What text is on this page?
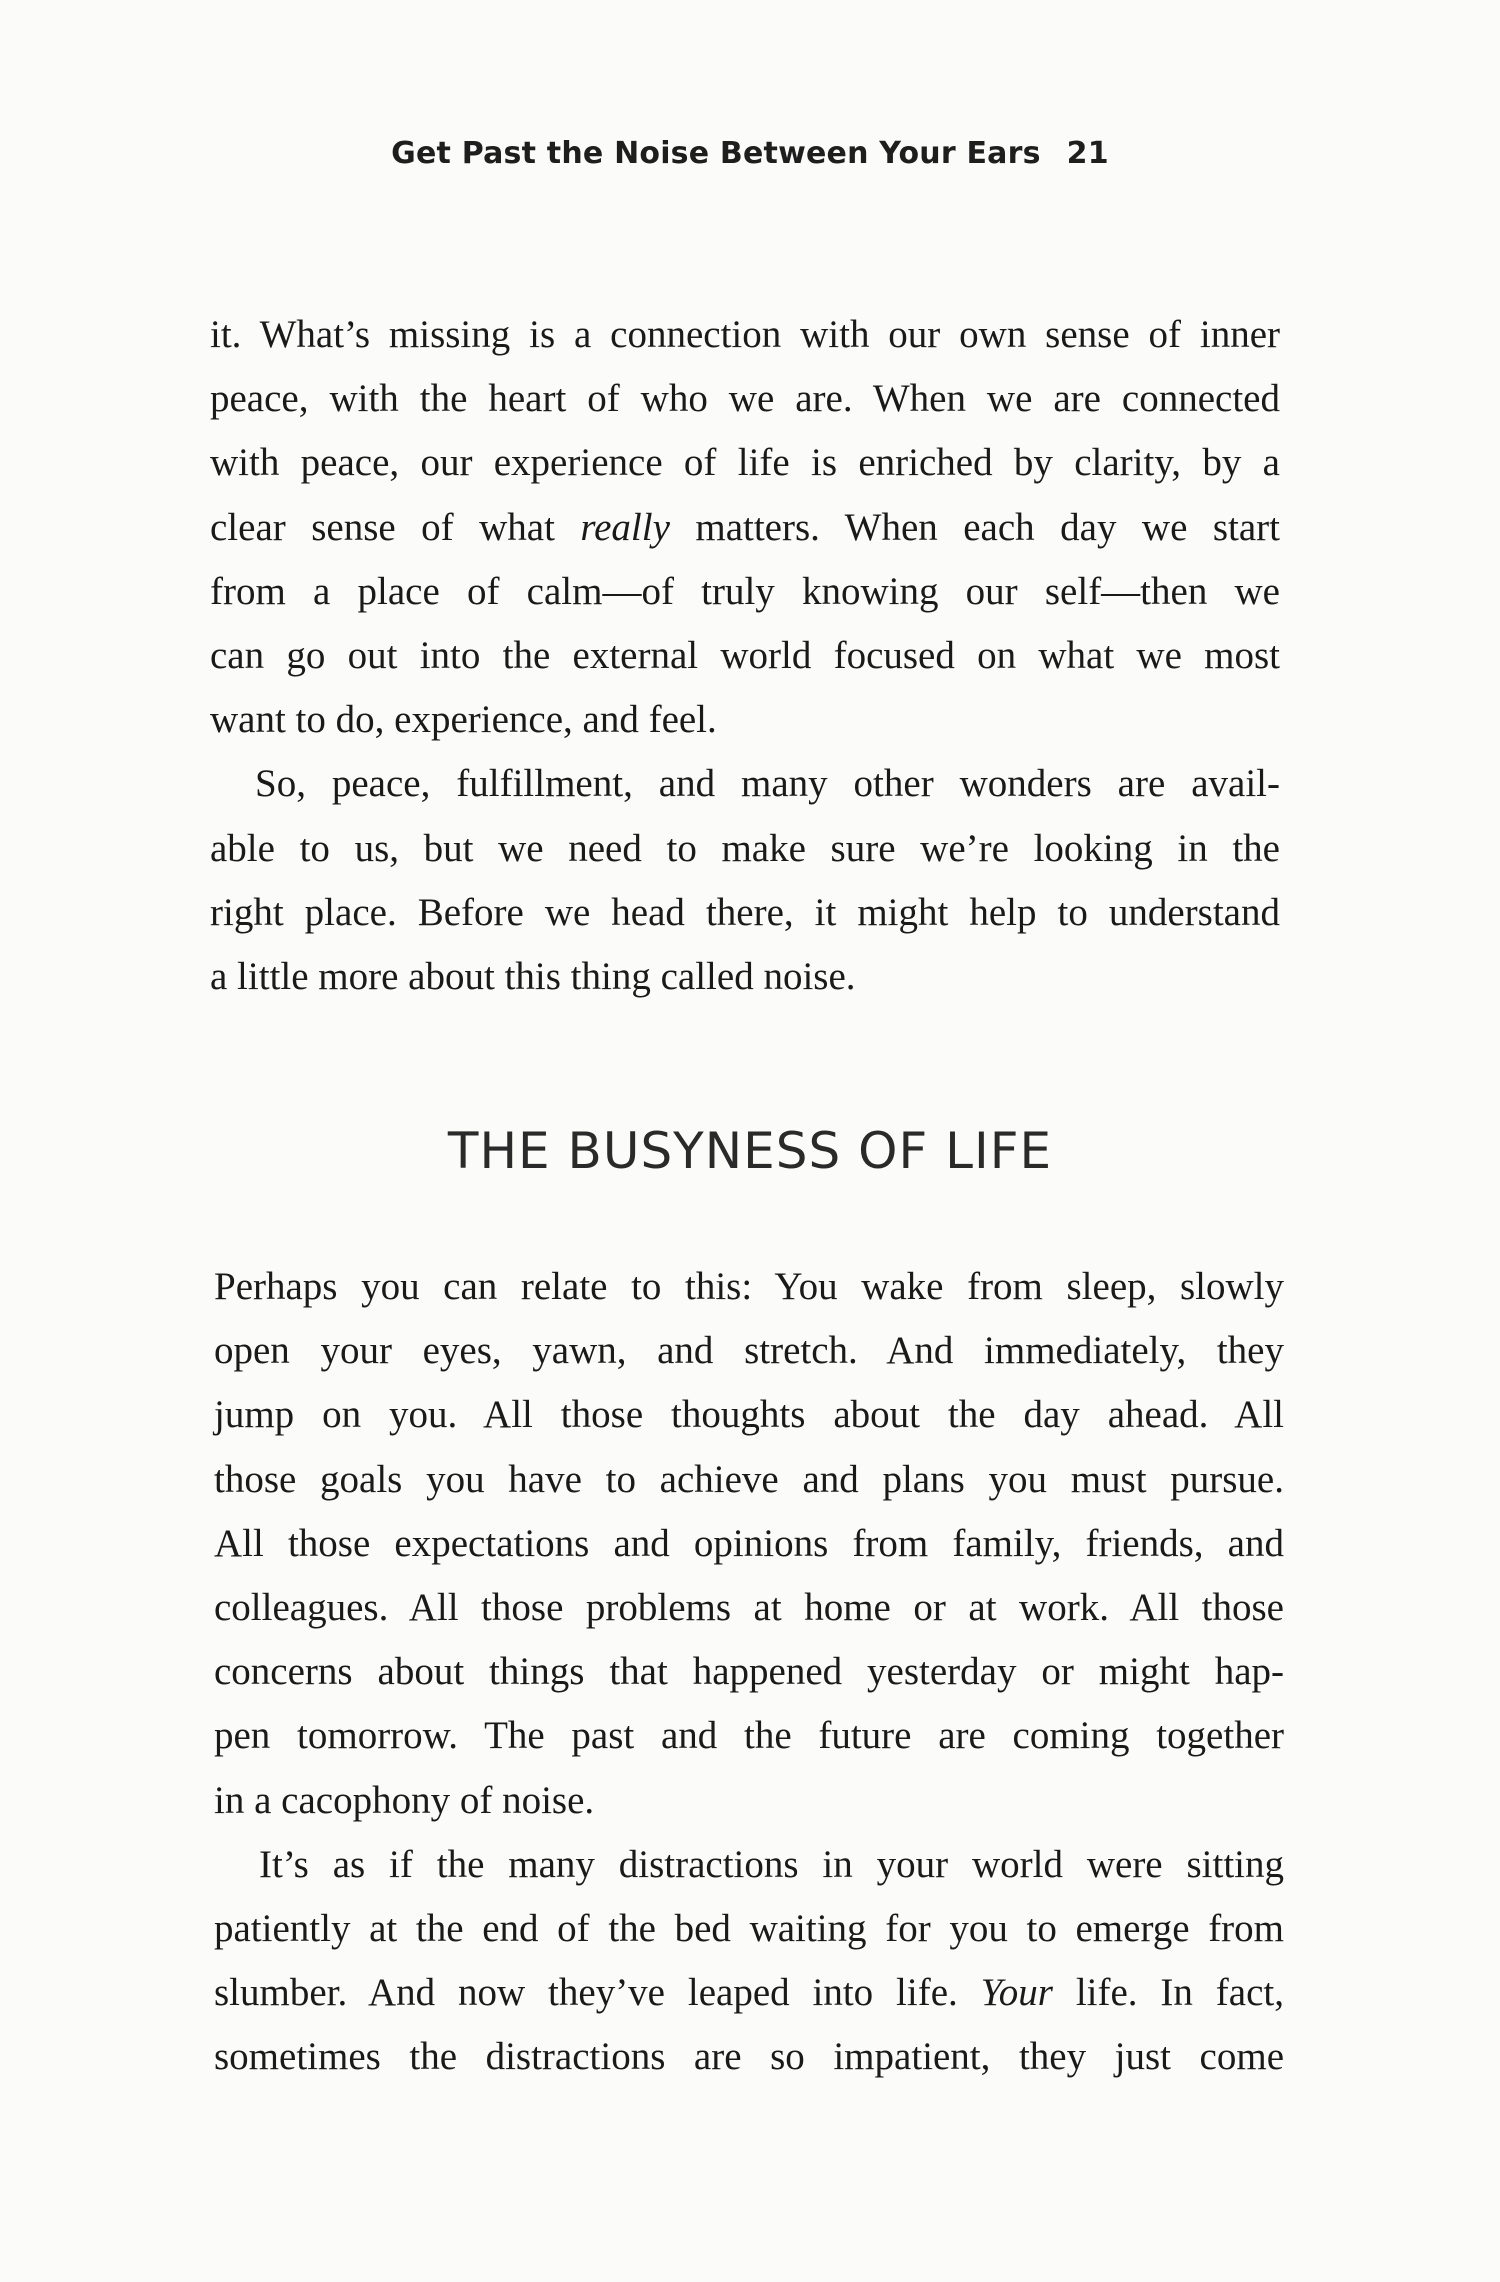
Get Past the Noise Between Your Ears 21
it. What’s missing is a connection with our own sense of inner
peace, with the heart of who we are. When we are connected
with peace, our experience of life is enriched by clarity, by a
clear sense of what really matters. When each day we start
from a place of calm—of truly knowing our self—then we
can go out into the external world focused on what we most
want to do, experience, and feel.
So, peace, fulfillment, and many other wonders are avail-
able to us, but we need to make sure we’re looking in the
right place. Before we head there, it might help to understand
a little more about this thing called noise.
THE BUSYNESS OF LIFE
Perhaps you can relate to this: You wake from sleep, slowly
open your eyes, yawn, and stretch. And immediately, they
jump on you. All those thoughts about the day ahead. All
those goals you have to achieve and plans you must pursue.
All those expectations and opinions from family, friends, and
colleagues. All those problems at home or at work. All those
concerns about things that happened yesterday or might hap-
pen tomorrow. The past and the future are coming together
in a cacophony of noise.
It’s as if the many distractions in your world were sitting
patiently at the end of the bed waiting for you to emerge from
slumber. And now they’ve leaped into life. Your life. In fact,
sometimes the distractions are so impatient, they just come
